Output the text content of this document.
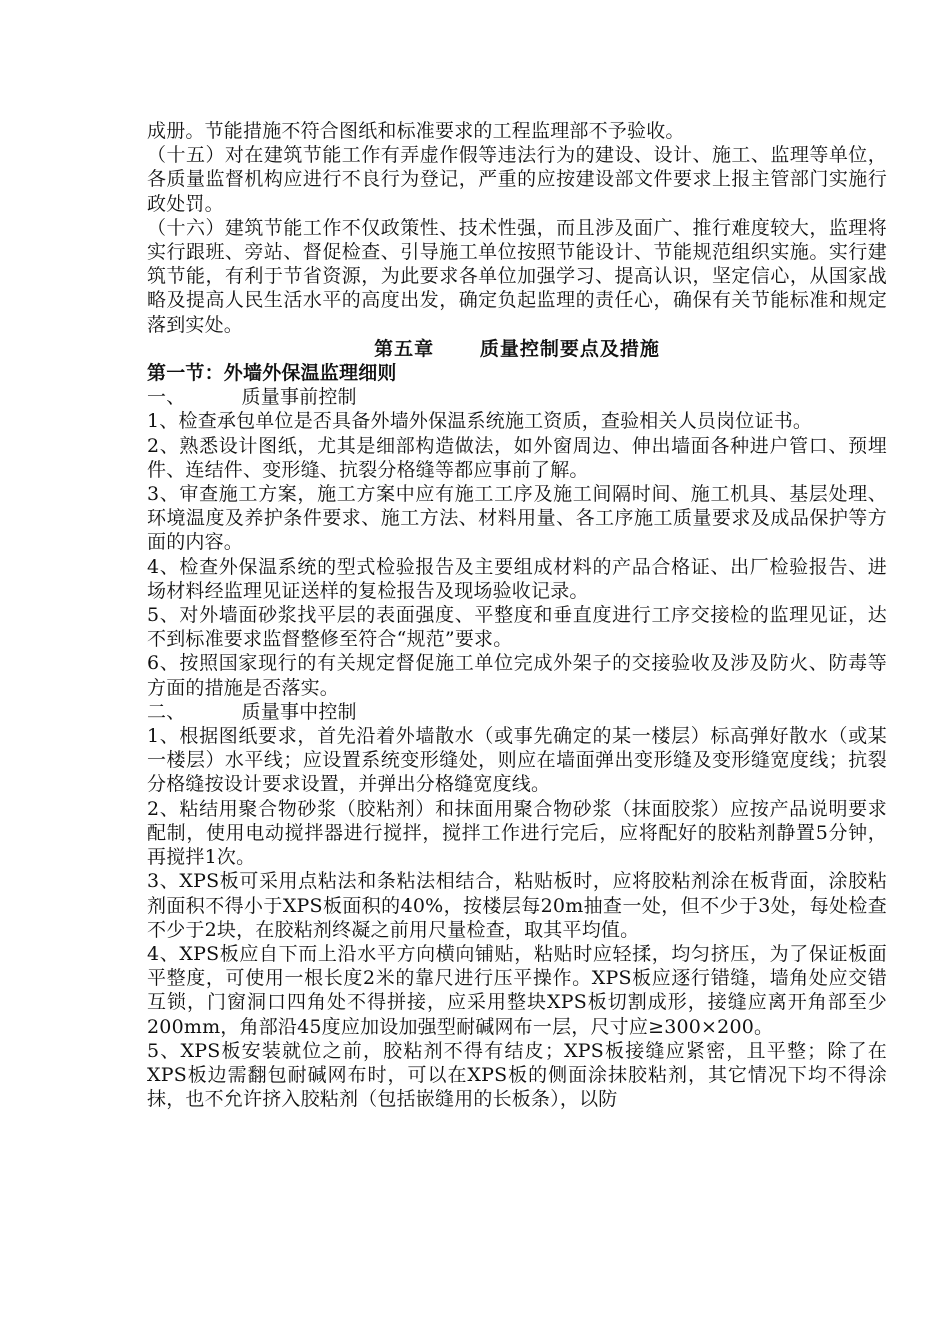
成册。节能措施不符合图纸和标准要求的工程监理部不予验收。

（十五）对在建筑节能工作有弄虚作假等违法行为的建设、设计、施工、监理等单位，各质量监督机构应进行不良行为登记，严重的应按建设部文件要求上报主管部门实施行政处罚。

（十六）建筑节能工作不仅政策性、技术性强，而且涉及面广、推行难度较大，监理将实行跟班、旁站、督促检查、引导施工单位按照节能设计、节能规范组织实施。实行建筑节能，有利于节省资源，为此要求各单位加强学习、提高认识，坚定信心，从国家战略及提高人民生活水平的高度出发，确定负起监理的责任心，确保有关节能标准和规定落到实处。

第五章      质量控制要点及措施

第一节：外墙外保温监理细则

一、         质量事前控制

1、检查承包单位是否具备外墙外保温系统施工资质，查验相关人员岗位证书。

2、熟悉设计图纸，尤其是细部构造做法，如外窗周边、伸出墙面各种进户管口、预埋件、连结件、变形缝、抗裂分格缝等都应事前了解。

3、审查施工方案，施工方案中应有施工工序及施工间隔时间、施工机具、基层处理、环境温度及养护条件要求、施工方法、材料用量、各工序施工质量要求及成品保护等方面的内容。

4、检查外保温系统的型式检验报告及主要组成材料的产品合格证、出厂检验报告、进场材料经监理见证送样的复检报告及现场验收记录。

5、对外墙面砂浆找平层的表面强度、平整度和垂直度进行工序交接检的监理见证，达不到标准要求监督整修至符合“规范”要求。

6、按照国家现行的有关规定督促施工单位完成外架子的交接验收及涉及防火、防毒等方面的措施是否落实。

二、         质量事中控制

1、根据图纸要求，首先沿着外墙散水（或事先确定的某一楼层）标高弹好散水（或某一楼层）水平线；应设置系统变形缝处，则应在墙面弹出变形缝及变形缝宽度线；抗裂分格缝按设计要求设置，并弹出分格缝宽度线。

2、粘结用聚合物砂浆（胶粘剂）和抹面用聚合物砂浆（抹面胶浆）应按产品说明要求配制，使用电动搅拌器进行搅拌，搅拌工作进行完后，应将配好的胶粘剂静置5分钟，再搅拌1次。

3、XPS板可采用点粘法和条粘法相结合，粘贴板时，应将胶粘剂涂在板背面，涂胶粘剂面积不得小于XPS板面积的40%，按楼层每20m抽查一处，但不少于3处，每处检查不少于2块，在胶粘剂终凝之前用尺量检查，取其平均值。

4、XPS板应自下而上沿水平方向横向铺贴，粘贴时应轻揉，均匀挤压，为了保证板面平整度，可使用一根长度2米的靠尺进行压平操作。XPS板应逐行错缝，墙角处应交错互锁，门窗洞口四角处不得拼接，应采用整块XPS板切割成形，接缝应离开角部至少200mm，角部沿45度应加设加强型耐碱网布一层，尺寸应≥300×200。

5、XPS板安装就位之前，胶粘剂不得有结皮；XPS板接缝应紧密，且平整；除了在XPS板边需翻包耐碱网布时，可以在XPS板的侧面涂抹胶粘剂，其它情况下均不得涂抹，也不允许挤入胶粘剂（包括嵌缝用的长板条），以防
